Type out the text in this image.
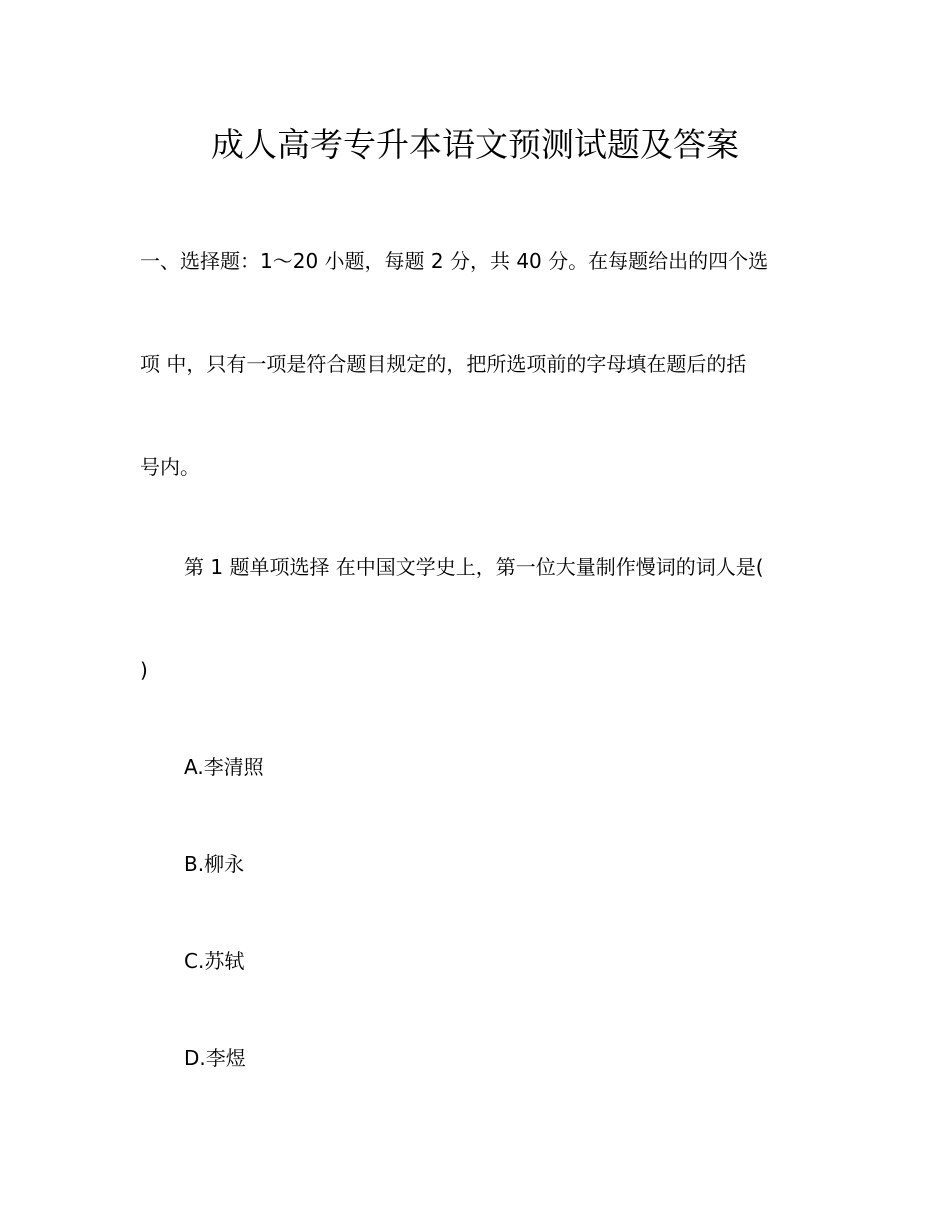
成人高考专升本语文预测试题及答案
一、选择题：1～20 小题，每题 2 分，共 40 分。在每题给出的四个选
项 中，只有一项是符合题目规定的，把所选项前的字母填在题后的括
号内。
第 1 题单项选择 在中国文学史上，第一位大量制作慢词的词人是(
)
A.李清照
B.柳永
C.苏轼
D.李煜
